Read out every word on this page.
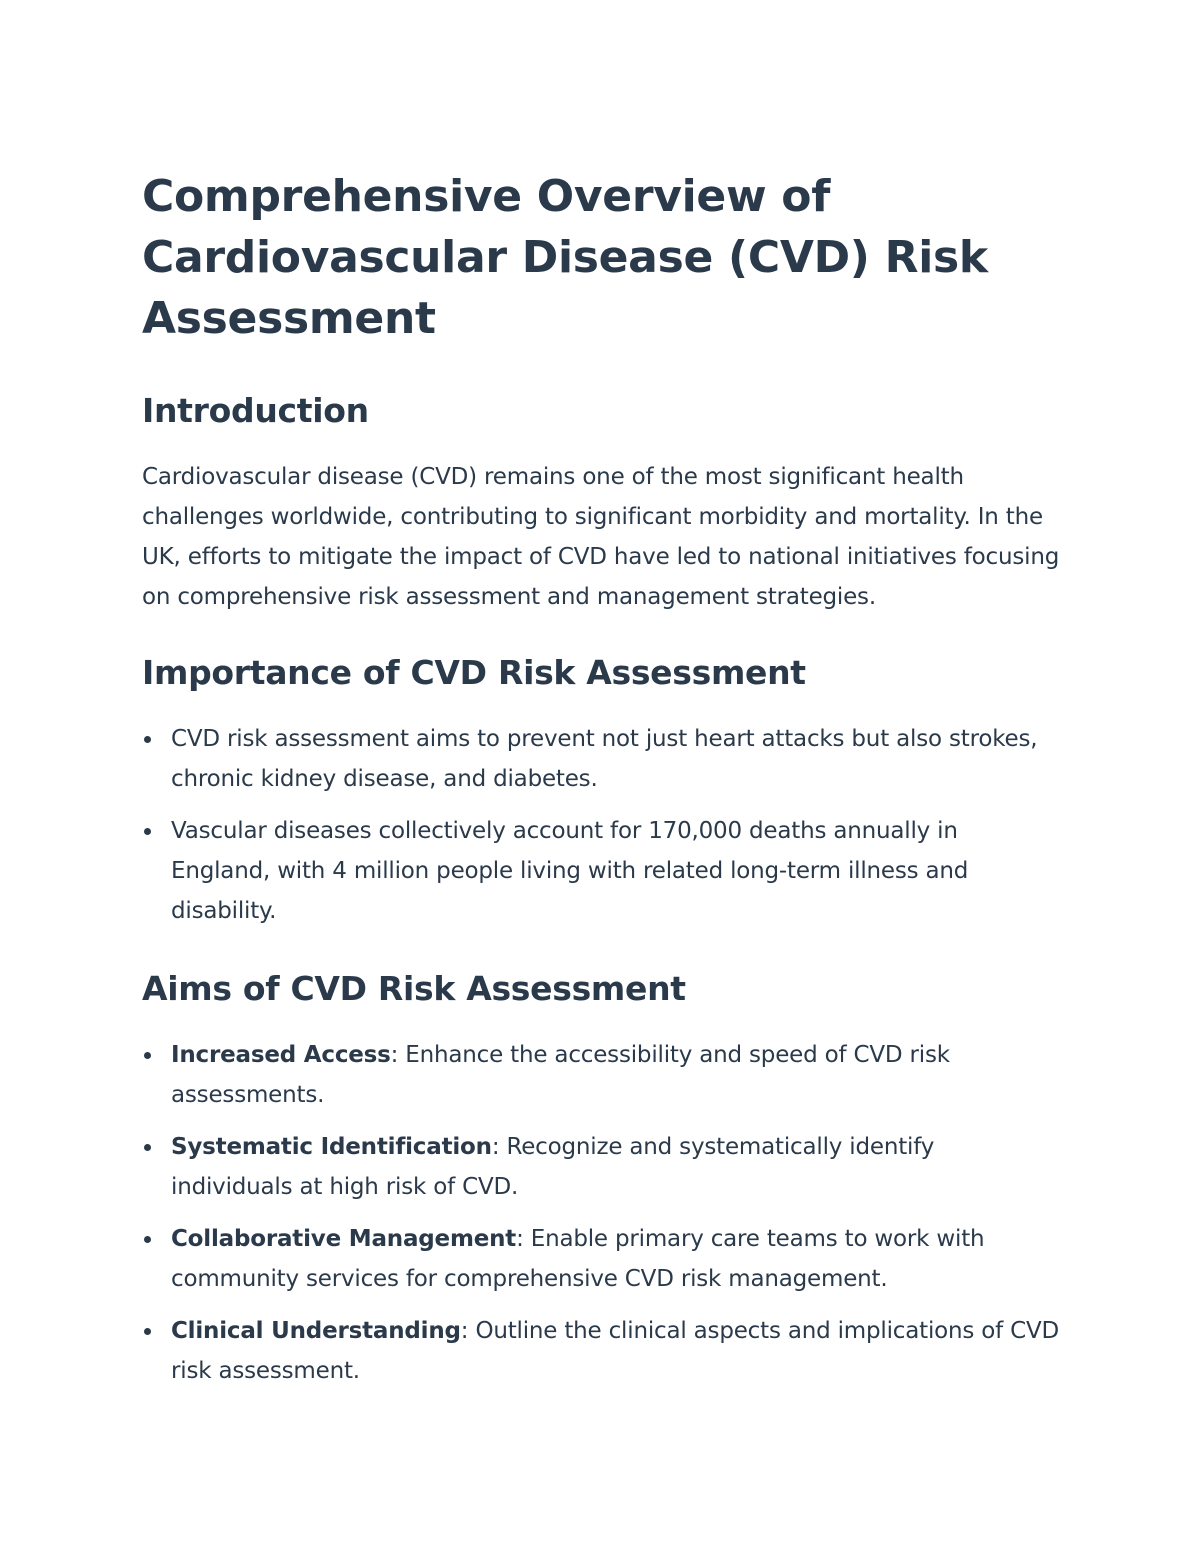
Comprehensive Overview of Cardiovascular Disease (CVD) Risk Assessment
Introduction

Cardiovascular disease (CVD) remains one of the most significant health challenges worldwide, contributing to significant morbidity and mortality. In the UK, efforts to mitigate the impact of CVD have led to national initiatives focusing on comprehensive risk assessment and management strategies.

Importance of CVD Risk Assessment
CVD risk assessment aims to prevent not just heart attacks but also strokes, chronic kidney disease, and diabetes.
Vascular diseases collectively account for 170,000 deaths annually in England, with 4 million people living with related long-term illness and disability.
Aims of CVD Risk Assessment
Increased Access: Enhance the accessibility and speed of CVD risk assessments.
Systematic Identification: Recognize and systematically identify individuals at high risk of CVD.
Collaborative Management: Enable primary care teams to work with community services for comprehensive CVD risk management.
Clinical Understanding: Outline the clinical aspects and implications of CVD risk assessment.
